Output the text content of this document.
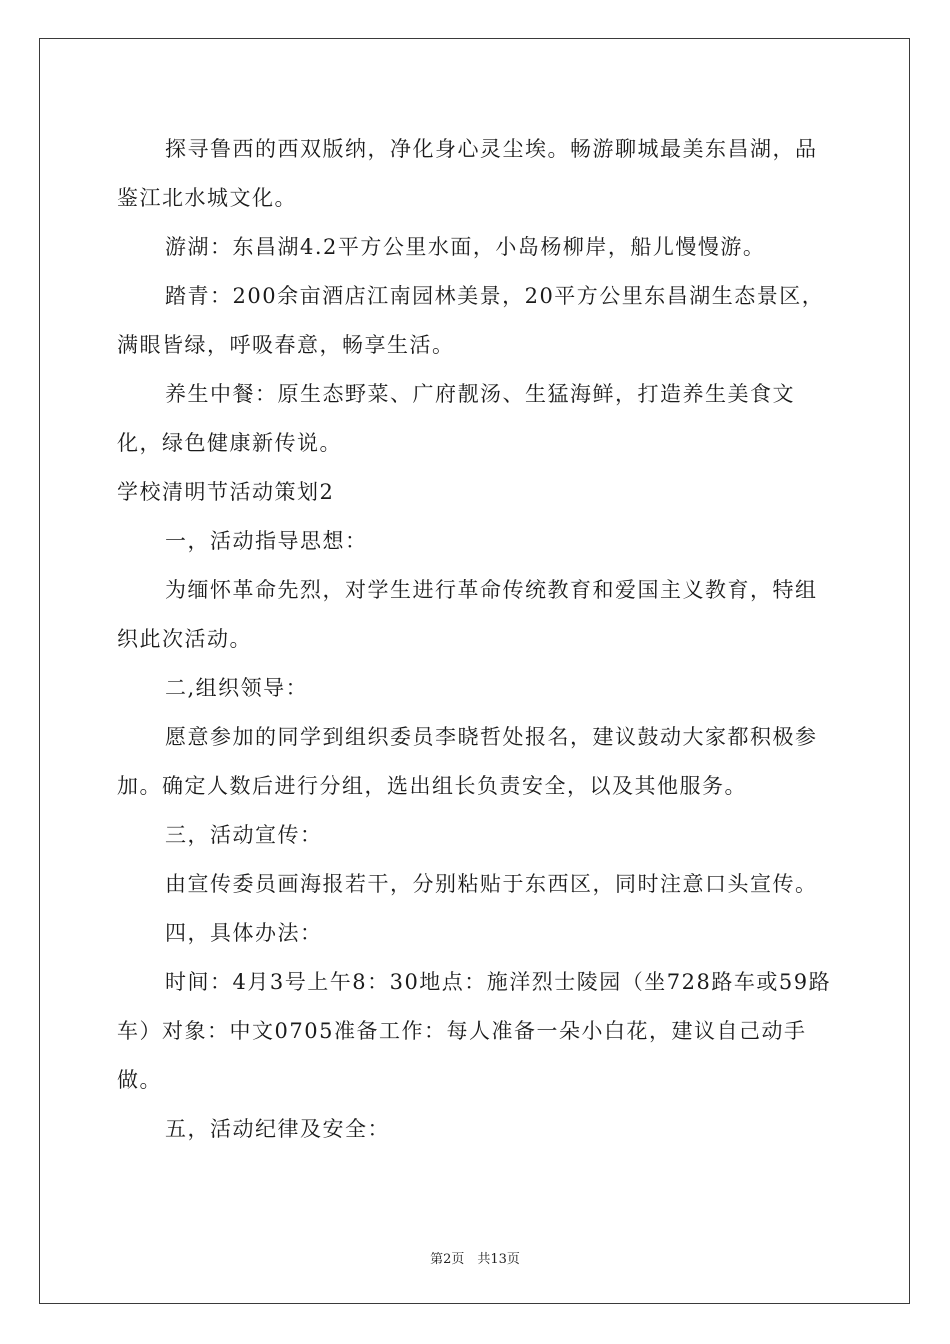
探寻鲁西的西双版纳，净化身心灵尘埃。畅游聊城最美东昌湖，品鉴江北水城文化。

游湖：东昌湖4.2平方公里水面，小岛杨柳岸，船儿慢慢游。

踏青：200余亩酒店江南园林美景，20平方公里东昌湖生态景区，满眼皆绿，呼吸春意，畅享生活。

养生中餐：原生态野菜、广府靓汤、生猛海鲜，打造养生美食文化，绿色健康新传说。

学校清明节活动策划2

一，活动指导思想：

为缅怀革命先烈，对学生进行革命传统教育和爱国主义教育，特组织此次活动。

二,组织领导：

愿意参加的同学到组织委员李晓哲处报名，建议鼓动大家都积极参加。确定人数后进行分组，选出组长负责安全，以及其他服务。

三，活动宣传：

由宣传委员画海报若干，分别粘贴于东西区，同时注意口头宣传。

四，具体办法：

时间：4月3号上午8：30地点：施洋烈士陵园（坐728路车或59路车）对象：中文0705准备工作：每人准备一朵小白花，建议自己动手做。

五，活动纪律及安全：

第2页　共13页
